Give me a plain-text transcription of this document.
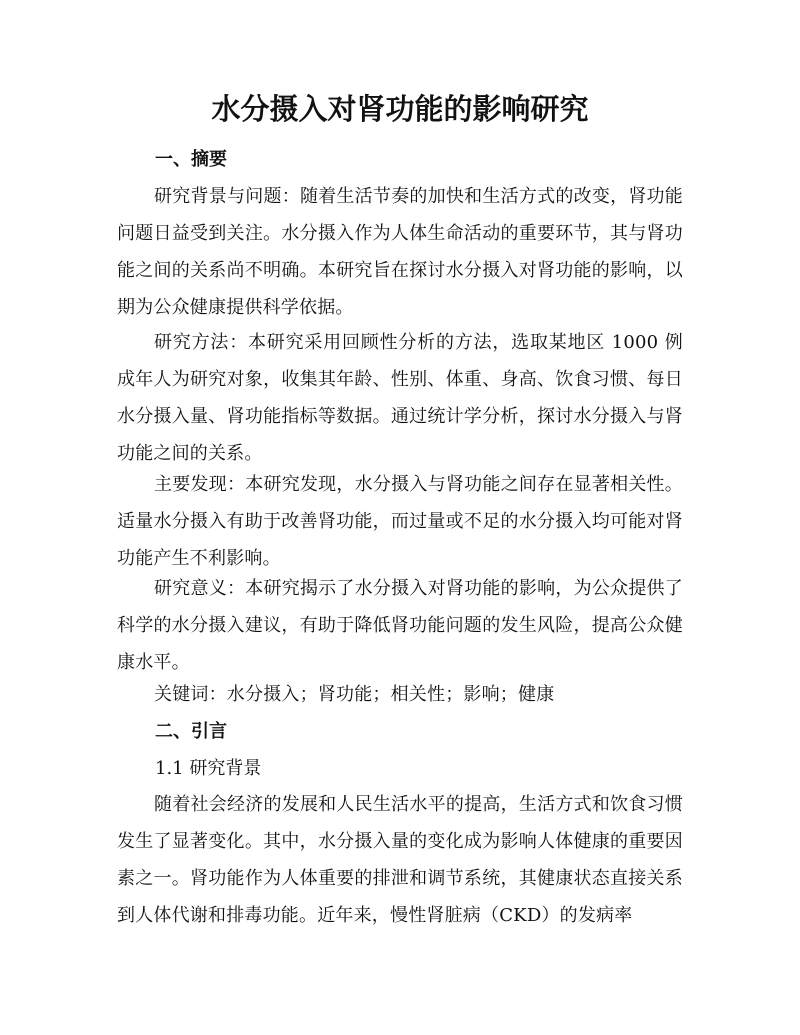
水分摄入对肾功能的影响研究
一、摘要

研究背景与问题：随着生活节奏的加快和生活方式的改变，肾功能问题日益受到关注。水分摄入作为人体生命活动的重要环节，其与肾功能之间的关系尚不明确。本研究旨在探讨水分摄入对肾功能的影响，以期为公众健康提供科学依据。

研究方法：本研究采用回顾性分析的方法，选取某地区 1000 例成年人为研究对象，收集其年龄、性别、体重、身高、饮食习惯、每日水分摄入量、肾功能指标等数据。通过统计学分析，探讨水分摄入与肾功能之间的关系。

主要发现：本研究发现，水分摄入与肾功能之间存在显著相关性。适量水分摄入有助于改善肾功能，而过量或不足的水分摄入均可能对肾功能产生不利影响。

研究意义：本研究揭示了水分摄入对肾功能的影响，为公众提供了科学的水分摄入建议，有助于降低肾功能问题的发生风险，提高公众健康水平。

关键词：水分摄入；肾功能；相关性；影响；健康

二、引言

1.1 研究背景

随着社会经济的发展和人民生活水平的提高，生活方式和饮食习惯发生了显著变化。其中，水分摄入量的变化成为影响人体健康的重要因素之一。肾功能作为人体重要的排泄和调节系统，其健康状态直接关系到人体代谢和排毒功能。近年来，慢性肾脏病（CKD）的发病率
